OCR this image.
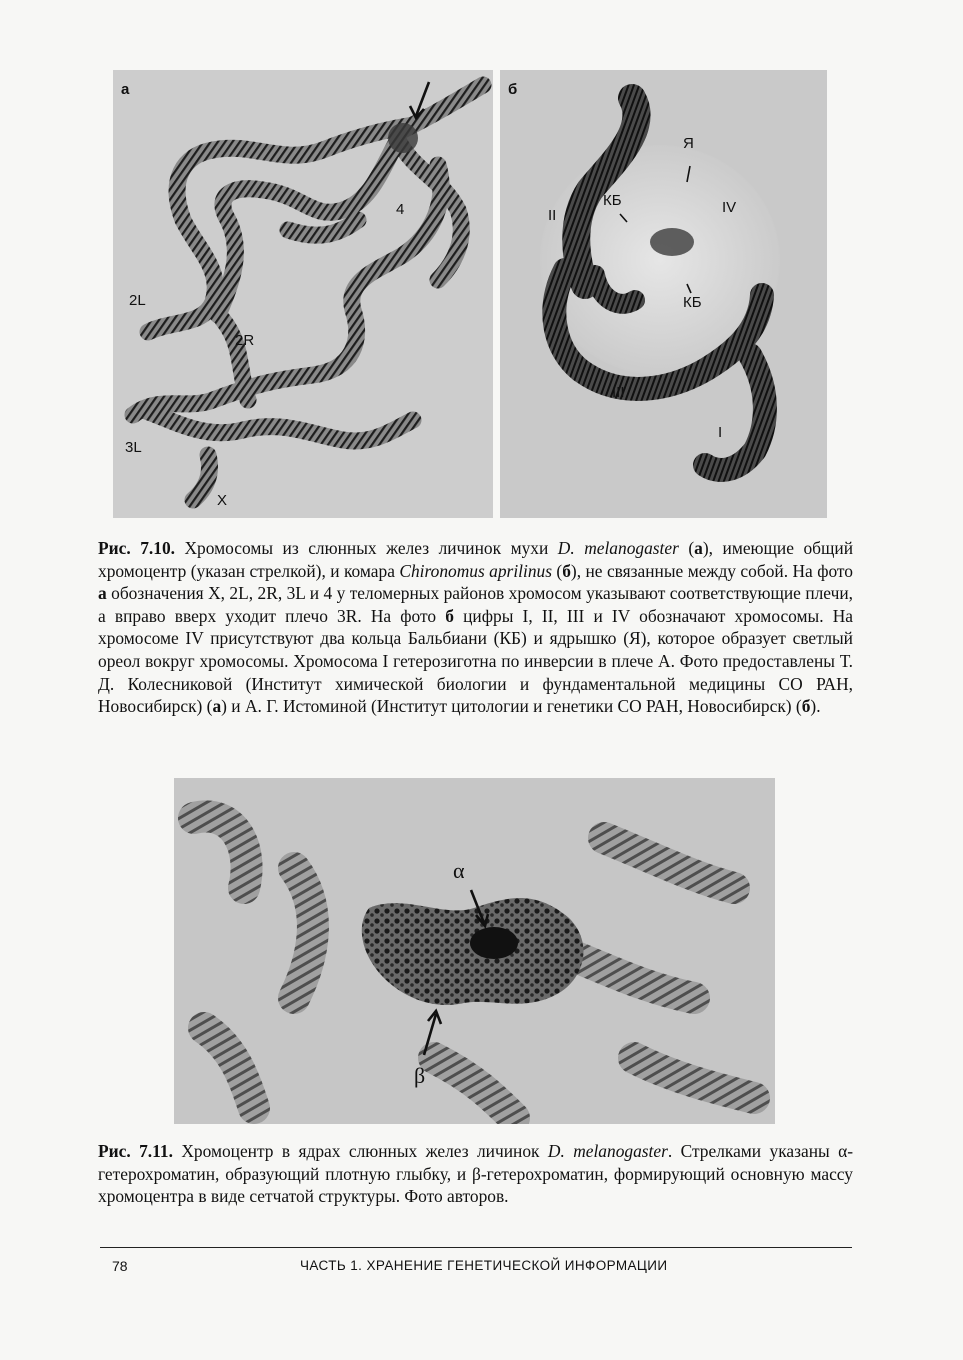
а
4
2L
2R
3L
X
б
Я
КБ
II	IV
КБ
III
I
Рис. 7.10. Хромосомы из слюнных желез личинок мухи D. melanogaster (а), имеющие общий хромоцентр (указан стрелкой), и комара Chironomus aprilinus (б), не связанные между собой. На фото а обозначения X, 2L, 2R, 3L и 4 у теломерных районов хромосом указывают соответствующие плечи, а вправо вверх уходит плечо 3R. На фото б цифры I, II, III и IV обозначают хромосомы. На хромосоме IV присутствуют два кольца Бальбиани (КБ) и ядрышко (Я), которое образует светлый ореол вокруг хромосомы. Хромосома I гетерозиготна по инверсии в плече A. Фото предоставлены Т. Д. Колесниковой (Институт химической биологии и фундаментальной медицины СО РАН, Новосибирск) (а) и А. Г. Истоминой (Институт цитологии и генетики СО РАН, Новосибирск) (б).
α
β
Рис. 7.11. Хромоцентр в ядрах слюнных желез личинок D. melanogaster. Стрелками указаны α-гетерохроматин, образующий плотную глыбку, и β-гетерохроматин, формирующий основную массу хромоцентра в виде сетчатой структуры. Фото авторов.
78	ЧАСТЬ 1. ХРАНЕНИЕ ГЕНЕТИЧЕСКОЙ ИНФОРМАЦИИ
